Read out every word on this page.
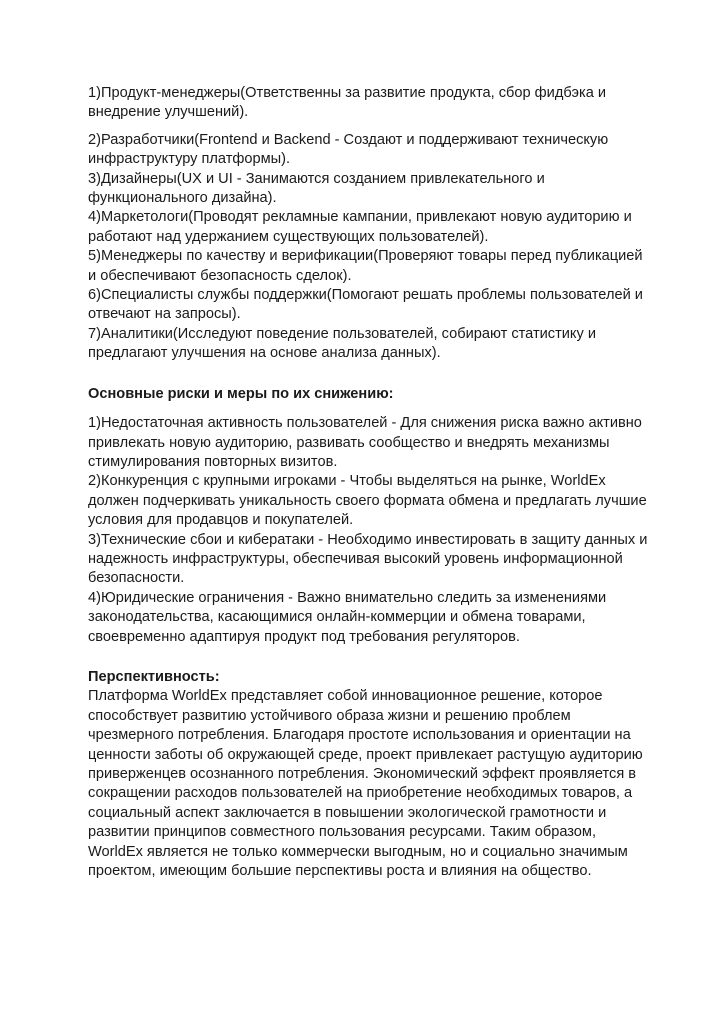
1)Продукт-менеджеры(Ответственны за развитие продукта, сбор фидбэка и внедрение улучшений).

2)Разработчики(Frontend и Backend - Создают и поддерживают техническую инфраструктуру платформы).

3)Дизайнеры(UX и UI - Занимаются созданием привлекательного и функционального дизайна).

4)Маркетологи(Проводят рекламные кампании, привлекают новую аудиторию и работают над удержанием существующих пользователей).

5)Менеджеры по качеству и верификации(Проверяют товары перед публикацией и обеспечивают безопасность сделок).

6)Специалисты службы поддержки(Помогают решать проблемы пользователей и отвечают на запросы).

7)Аналитики(Исследуют поведение пользователей, собирают статистику и предлагают улучшения на основе анализа данных).

Основные риски и меры по их снижению:

1)Недостаточная активность пользователей - Для снижения риска важно активно привлекать новую аудиторию, развивать сообщество и внедрять механизмы стимулирования повторных визитов.

2)Конкуренция с крупными игроками - Чтобы выделяться на рынке, WorldEx должен подчеркивать уникальность своего формата обмена и предлагать лучшие условия для продавцов и покупателей.

3)Технические сбои и кибератаки - Необходимо инвестировать в защиту данных и надежность инфраструктуры, обеспечивая высокий уровень информационной безопасности.

4)Юридические ограничения - Важно внимательно следить за изменениями законодательства, касающимися онлайн-коммерции и обмена товарами, своевременно адаптируя продукт под требования регуляторов.

Перспективность:

Платформа WorldEx представляет собой инновационное решение, которое способствует развитию устойчивого образа жизни и решению проблем чрезмерного потребления. Благодаря простоте использования и ориентации на ценности заботы об окружающей среде, проект привлекает растущую аудиторию приверженцев осознанного потребления. Экономический эффект проявляется в сокращении расходов пользователей на приобретение необходимых товаров, а социальный аспект заключается в повышении экологической грамотности и развитии принципов совместного пользования ресурсами. Таким образом, WorldEx является не только коммерчески выгодным, но и социально значимым проектом, имеющим большие перспективы роста и влияния на общество.
